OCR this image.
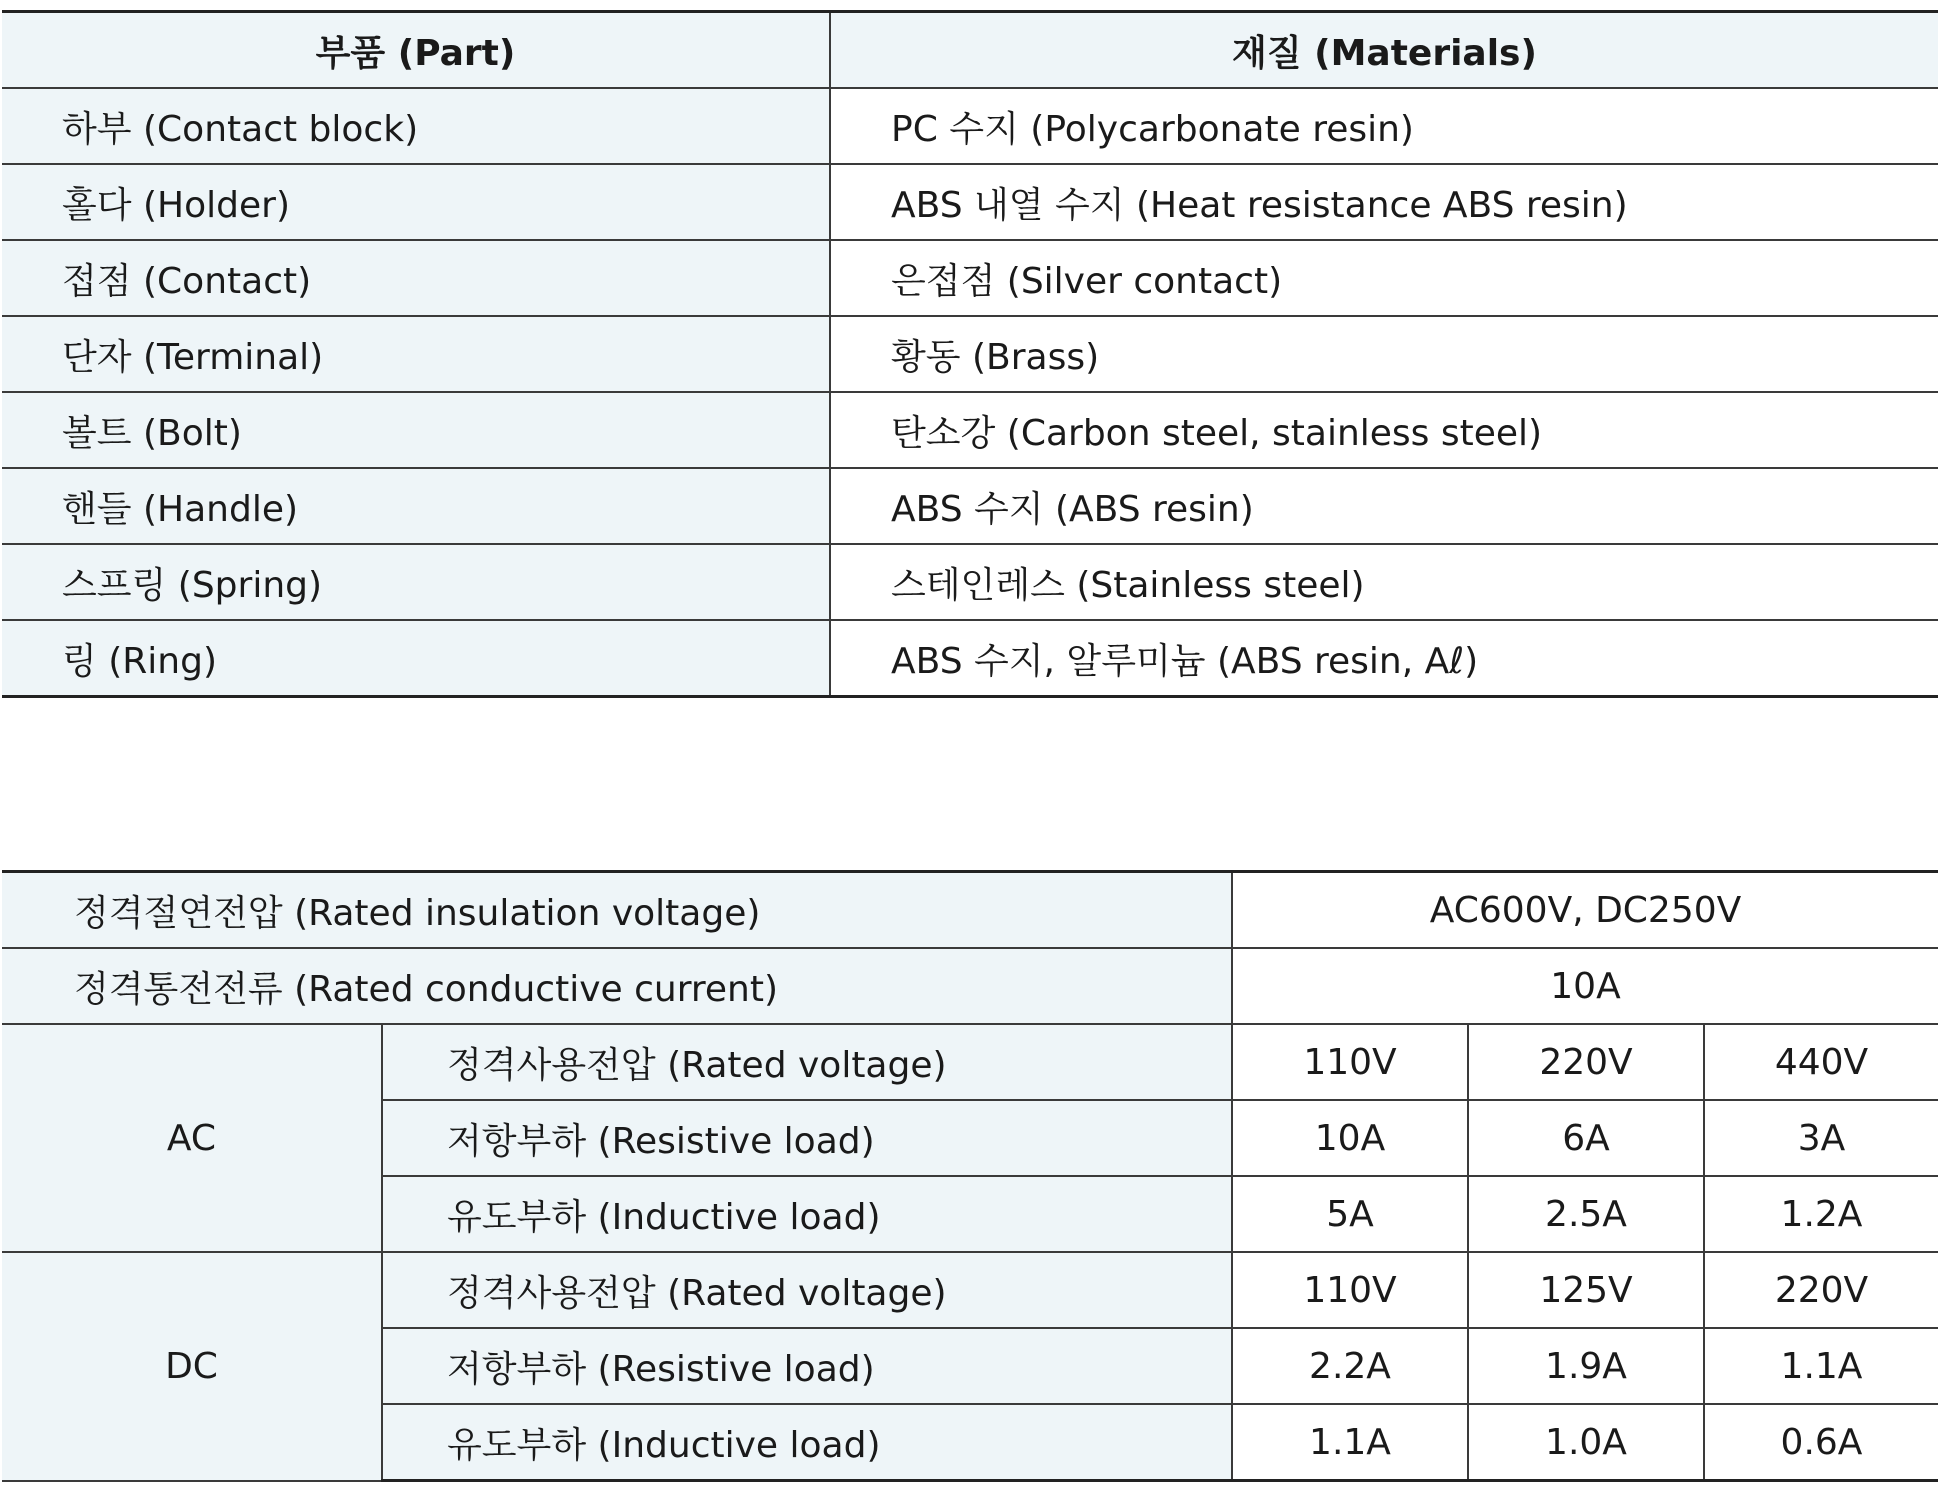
부품 (Part)	재질 (Materials)
하부 (Contact block)	PC 수지 (Polycarbonate resin)
홀다 (Holder)	ABS 내열 수지 (Heat resistance ABS resin)
접점 (Contact)	은접점 (Silver contact)
단자 (Terminal)	황동 (Brass)
볼트 (Bolt)	탄소강 (Carbon steel, stainless steel)
핸들 (Handle)	ABS 수지 (ABS resin)
스프링 (Spring)	스테인레스 (Stainless steel)
링 (Ring)	ABS 수지, 알루미늄 (ABS resin, Aℓ)
정격절연전압 (Rated insulation voltage)		AC600V, DC250V		
정격통전전류 (Rated conductive current)		10A		
AC	정격사용전압 (Rated voltage)	110V	220V	440V
	저항부하 (Resistive load)	10A	6A	3A
	유도부하 (Inductive load)	5A	2.5A	1.2A
DC	정격사용전압 (Rated voltage)	110V	125V	220V
	저항부하 (Resistive load)	2.2A	1.9A	1.1A
	유도부하 (Inductive load)	1.1A	1.0A	0.6A
